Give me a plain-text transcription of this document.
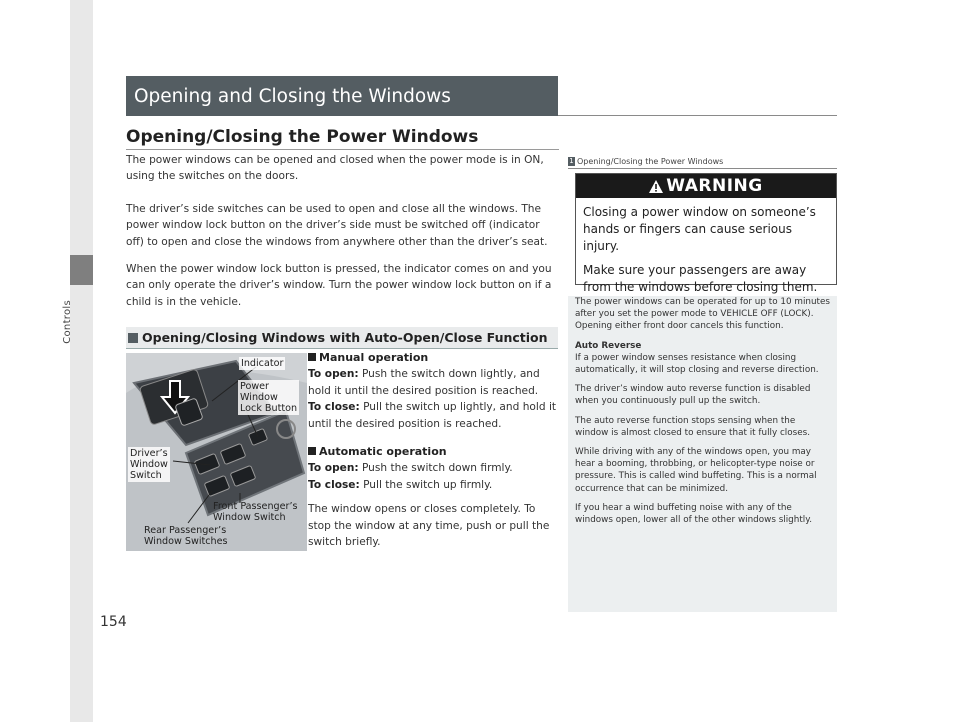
Controls
154
Opening and Closing the Windows
Opening/Closing the Power Windows
The power windows can be opened and closed when the power mode is in ON, using the switches on the doors.
The driver’s side switches can be used to open and close all the windows. The power window lock button on the driver’s side must be switched off (indicator off) to open and close the windows from anywhere other than the driver’s seat.
When the power window lock button is pressed, the indicator comes on and you can only operate the driver’s window. Turn the power window lock button on if a child is in the vehicle.
Opening/Closing Windows with Auto-Open/Close Function
Indicator
Power
Window
Lock Button
Driver’s
Window
Switch
Front Passenger’s
Window Switch
Rear Passenger’s
Window Switches
Manual operation
To open: Push the switch down lightly, and hold it until the desired position is reached.
To close: Pull the switch up lightly, and hold it until the desired position is reached.
Automatic operation
To open: Push the switch down firmly.
To close: Pull the switch up firmly.
The window opens or closes completely. To stop the window at any time, push or pull the switch briefly.
1 Opening/Closing the Power Windows
WARNING
Closing a power window on someone’s hands or fingers can cause serious injury.
Make sure your passengers are away from the windows before closing them.

The power windows can be operated for up to 10 minutes after you set the power mode to VEHICLE OFF (LOCK).
Opening either front door cancels this function.

Auto Reverse
If a power window senses resistance when closing automatically, it will stop closing and reverse direction.

The driver’s window auto reverse function is disabled when you continuously pull up the switch.

The auto reverse function stops sensing when the window is almost closed to ensure that it fully closes.

While driving with any of the windows open, you may hear a booming, throbbing, or helicopter-type noise or pressure. This is called wind buffeting. This is a normal occurrence that can be minimized.

If you hear a wind buffeting noise with any of the windows open, lower all of the other windows slightly.
